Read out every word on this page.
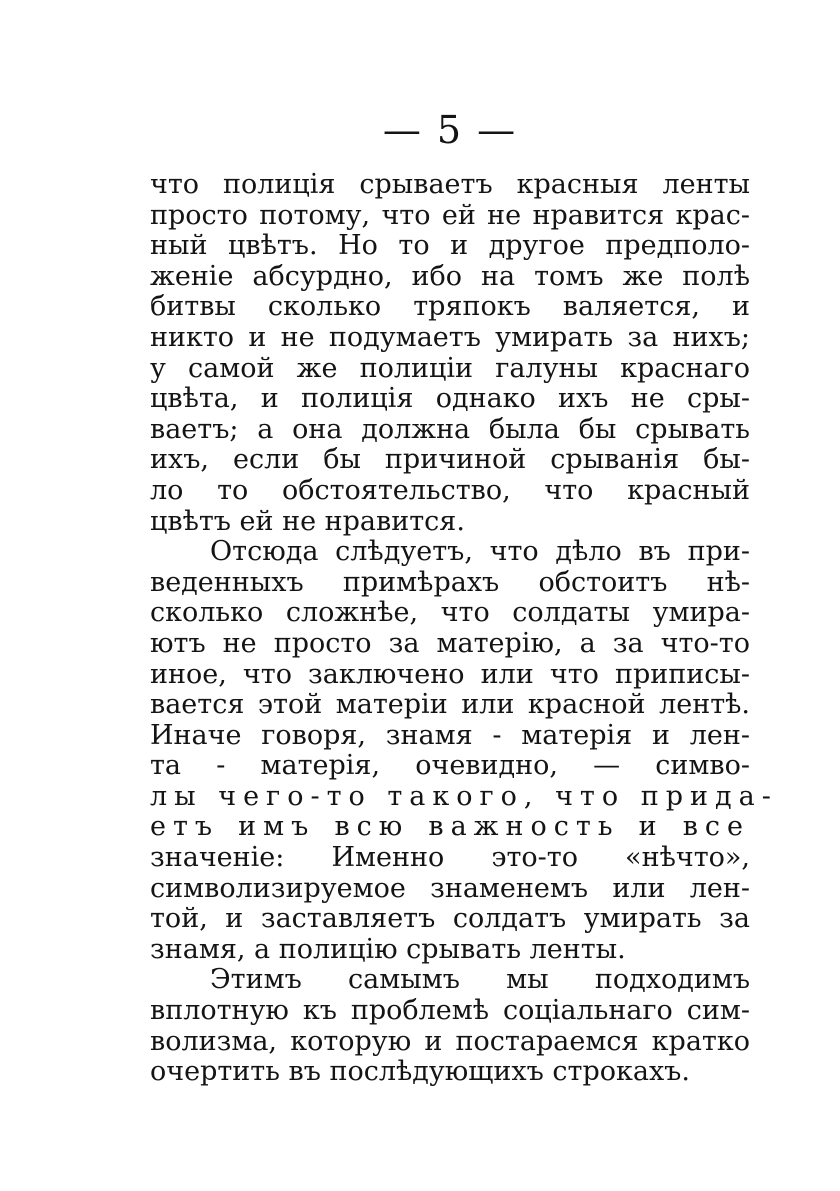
— 5 —
что полиція срываетъ красныя ленты
просто потому, что ей не нравится крас-
ный цвѣтъ. Но то и другое предполо-
женіе абсурдно, ибо на томъ же полѣ
битвы сколько тряпокъ валяется, и
никто и не подумаетъ умирать за нихъ;
у самой же полиціи галуны краснаго
цвѣта, и полиція однако ихъ не сры-
ваетъ; а она должна была бы срывать
ихъ, если бы причиной срыванія бы-
ло то обстоятельство, что красный
цвѣтъ ей не нравится.
Отсюда слѣдуетъ, что дѣло въ при-
веденныхъ примѣрахъ обстоитъ нѣ-
сколько сложнѣе, что солдаты умира-
ютъ не просто за матерію, а за что-то
иное, что заключено или что приписы-
вается этой матеріи или красной лентѣ.
Иначе говоря, знамя - матерія и лен-
та - матерія, очевидно, — симво-
лы чего-то такого, что прида-
етъ имъ всю важность и все
значеніе: Именно это-то «нѣчто»,
символизируемое знаменемъ или лен-
той, и заставляетъ солдатъ умирать за
знамя, а полицію срывать ленты.
Этимъ самымъ мы подходимъ
вплотную къ проблемѣ соціальнаго сим-
волизма, которую и постараемся кратко
очертить въ послѣдующихъ строкахъ.
